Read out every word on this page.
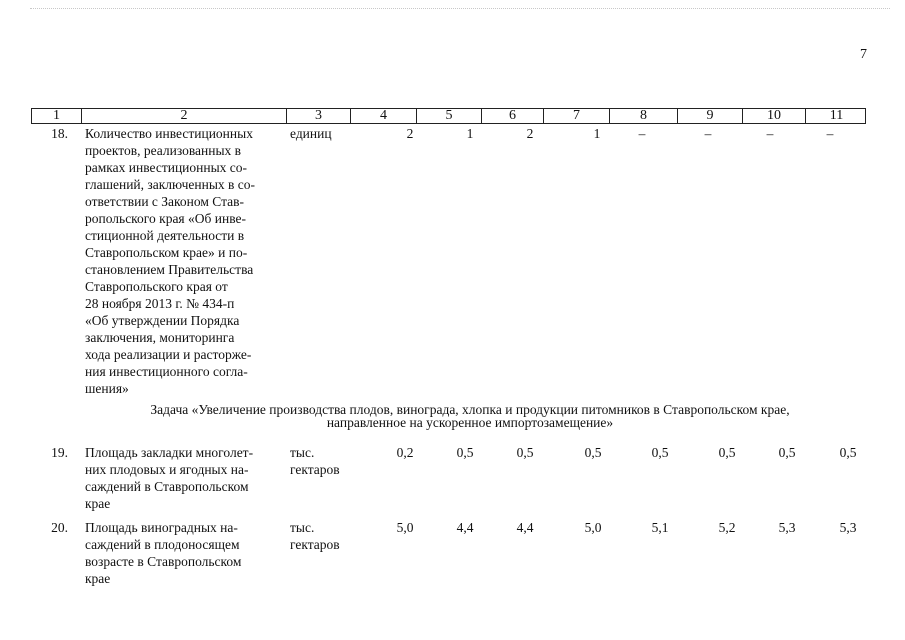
7
1	2	3	4	5	6	7	8	9	10	11
18. Количество инвестиционных
проектов, реализованных в
рамках инвестиционных со-
глашений, заключенных в со-
ответствии с Законом Став-
ропольского края «Об инве-
стиционной деятельности в
Ставропольском крае» и по-
становлением Правительства
Ставропольского края от
28 ноября 2013 г. № 434-п
«Об утверждении Порядка
заключения, мониторинга
хода реализации и расторже-
ния инвестиционного согла-
шения»
единиц	2	1	2	1	–	–	–	–
Задача «Увеличение производства плодов, винограда, хлопка и продукции питомников в Ставропольском крае,
направленное на ускоренное импортозамещение»
19. Площадь закладки многолет-
них плодовых и ягодных на-
саждений в Ставропольском
крае
тыс.
гектаров
0,2	0,5	0,5	0,5	0,5	0,5	0,5	0,5
20. Площадь виноградных на-
саждений в плодоносящем
возрасте в Ставропольском
крае
тыс.
гектаров
5,0	4,4	4,4	5,0	5,1	5,2	5,3	5,3
